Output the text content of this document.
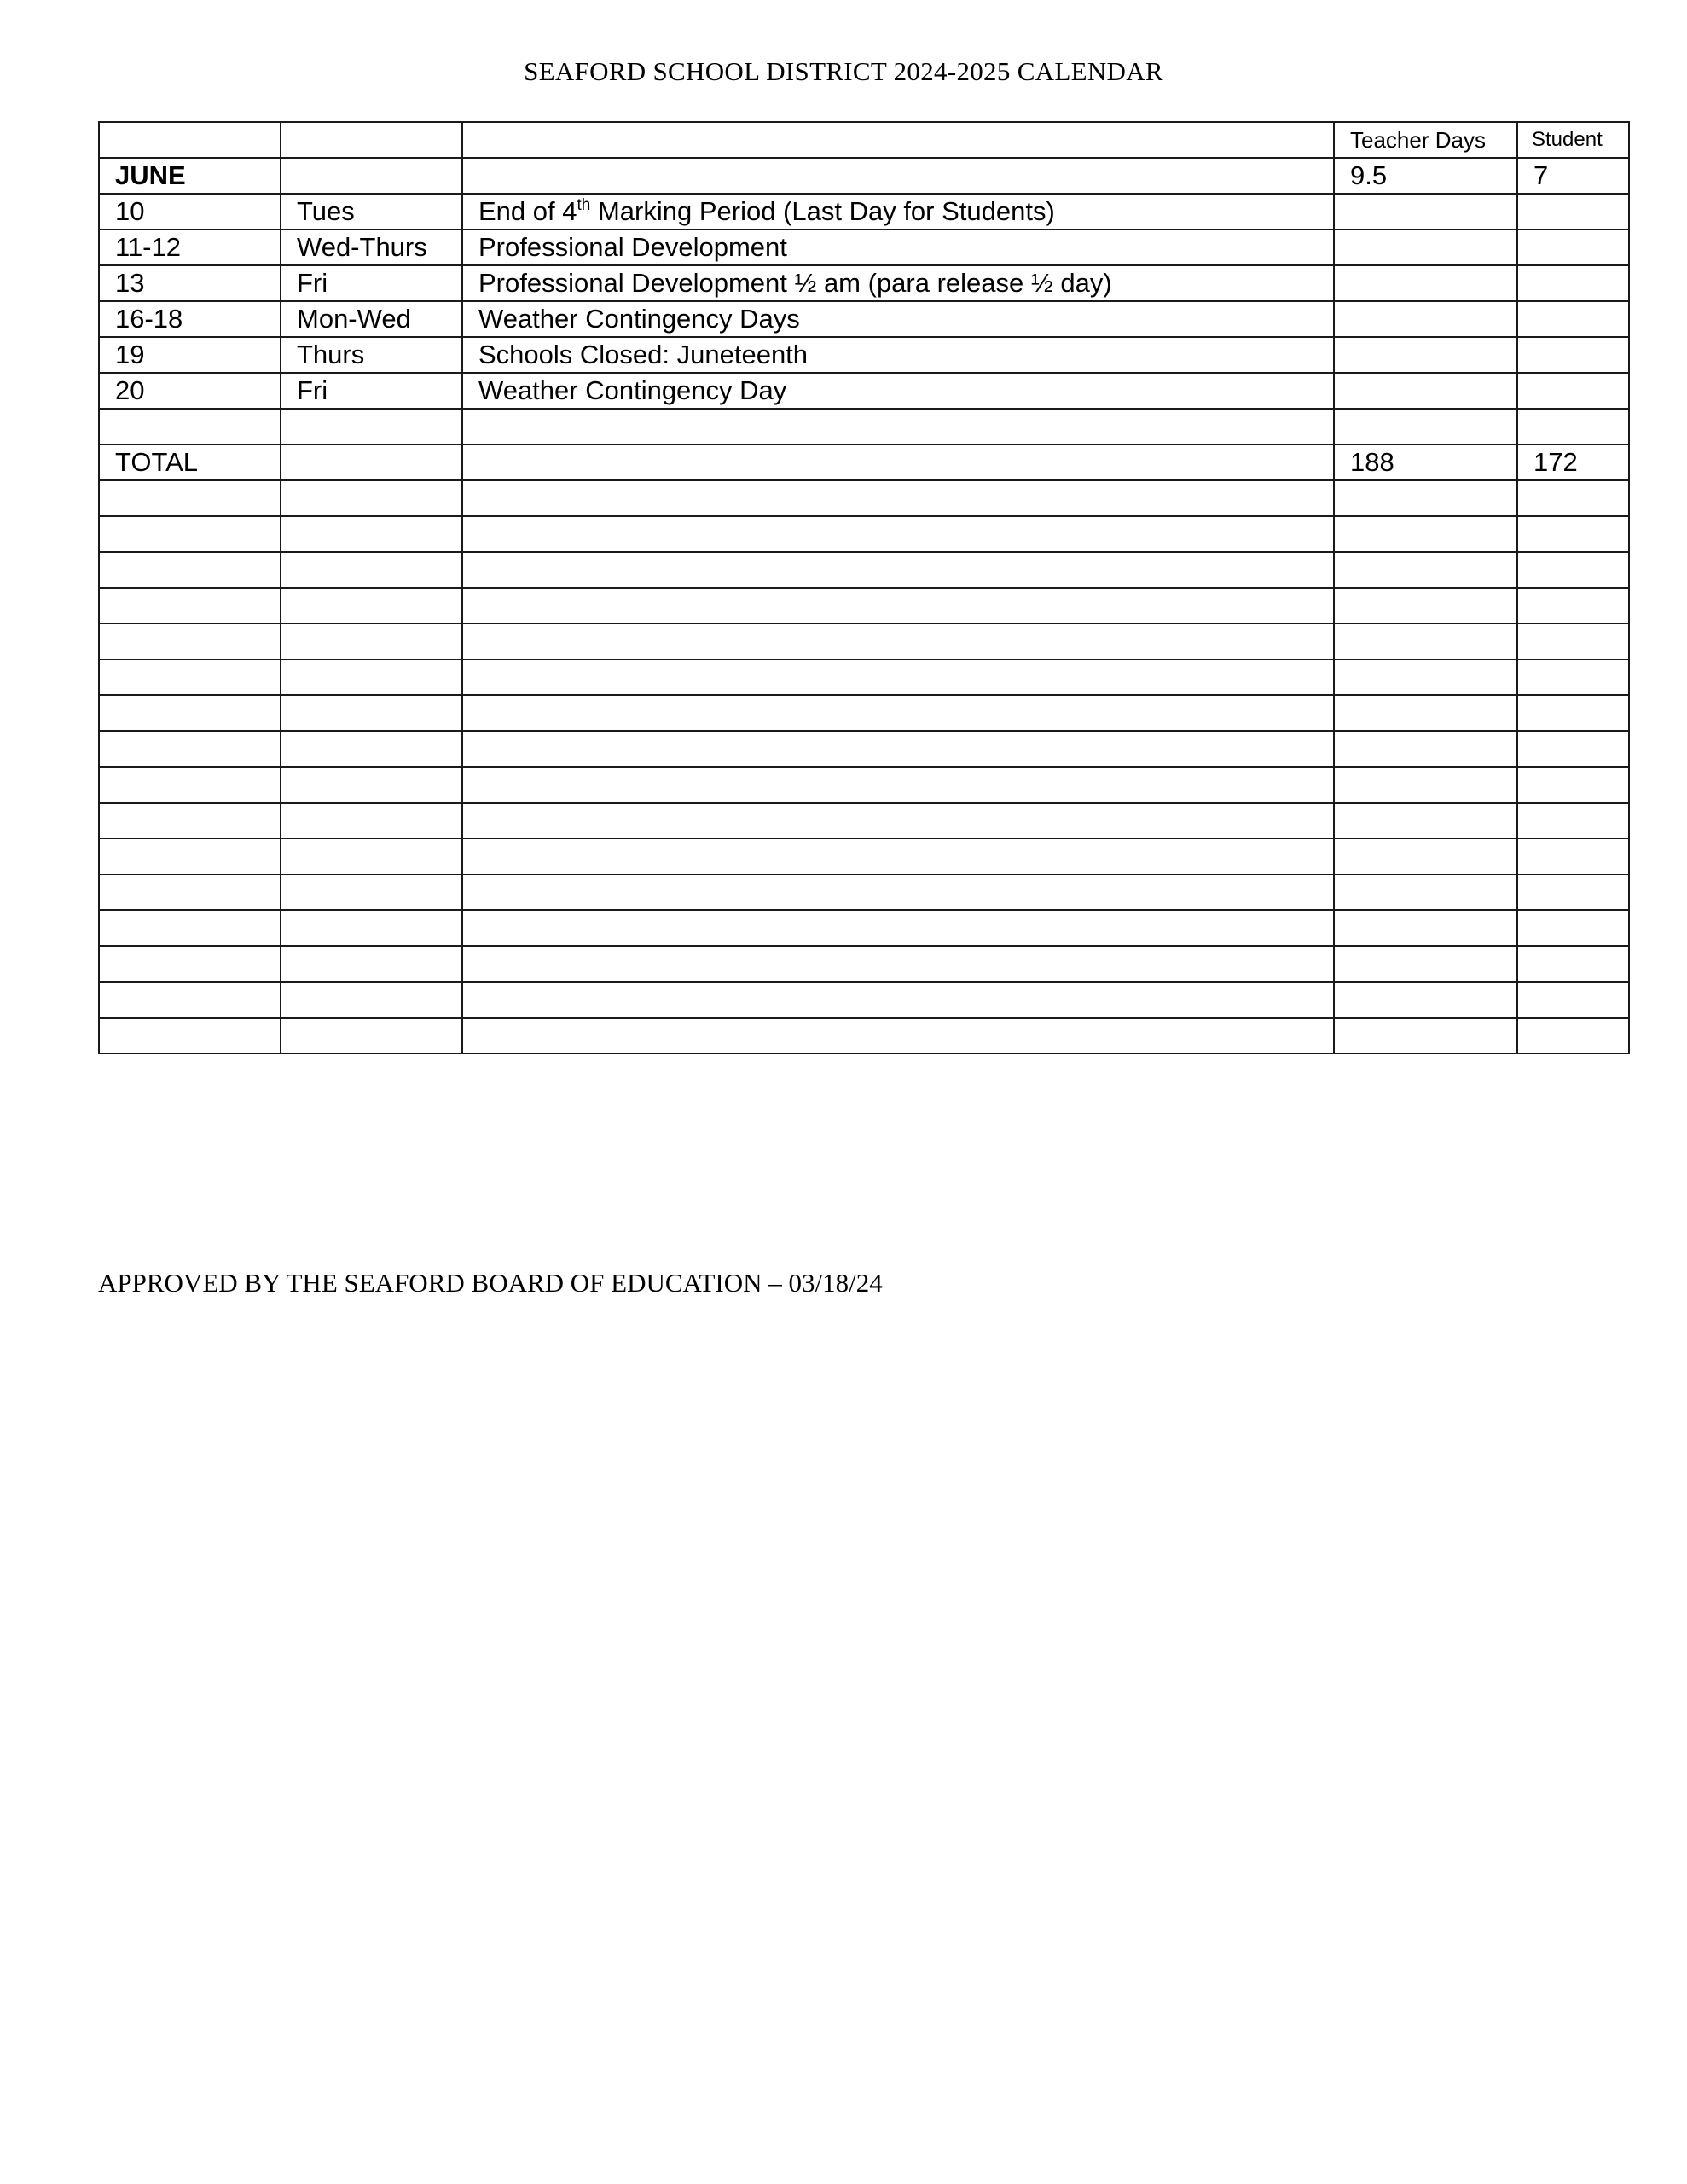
SEAFORD SCHOOL DISTRICT 2024-2025 CALENDAR
			Teacher Days	Student
JUNE			9.5	7
10	Tues	End of 4th Marking Period (Last Day for Students)		
11-12	Wed-Thurs	Professional Development		
13	Fri	Professional Development ½ am (para release ½ day)		
16-18	Mon-Wed	Weather Contingency Days		
19	Thurs	Schools Closed: Juneteenth		
20	Fri	Weather Contingency Day		

TOTAL			188	172

APPROVED BY THE SEAFORD BOARD OF EDUCATION – 03/18/24
